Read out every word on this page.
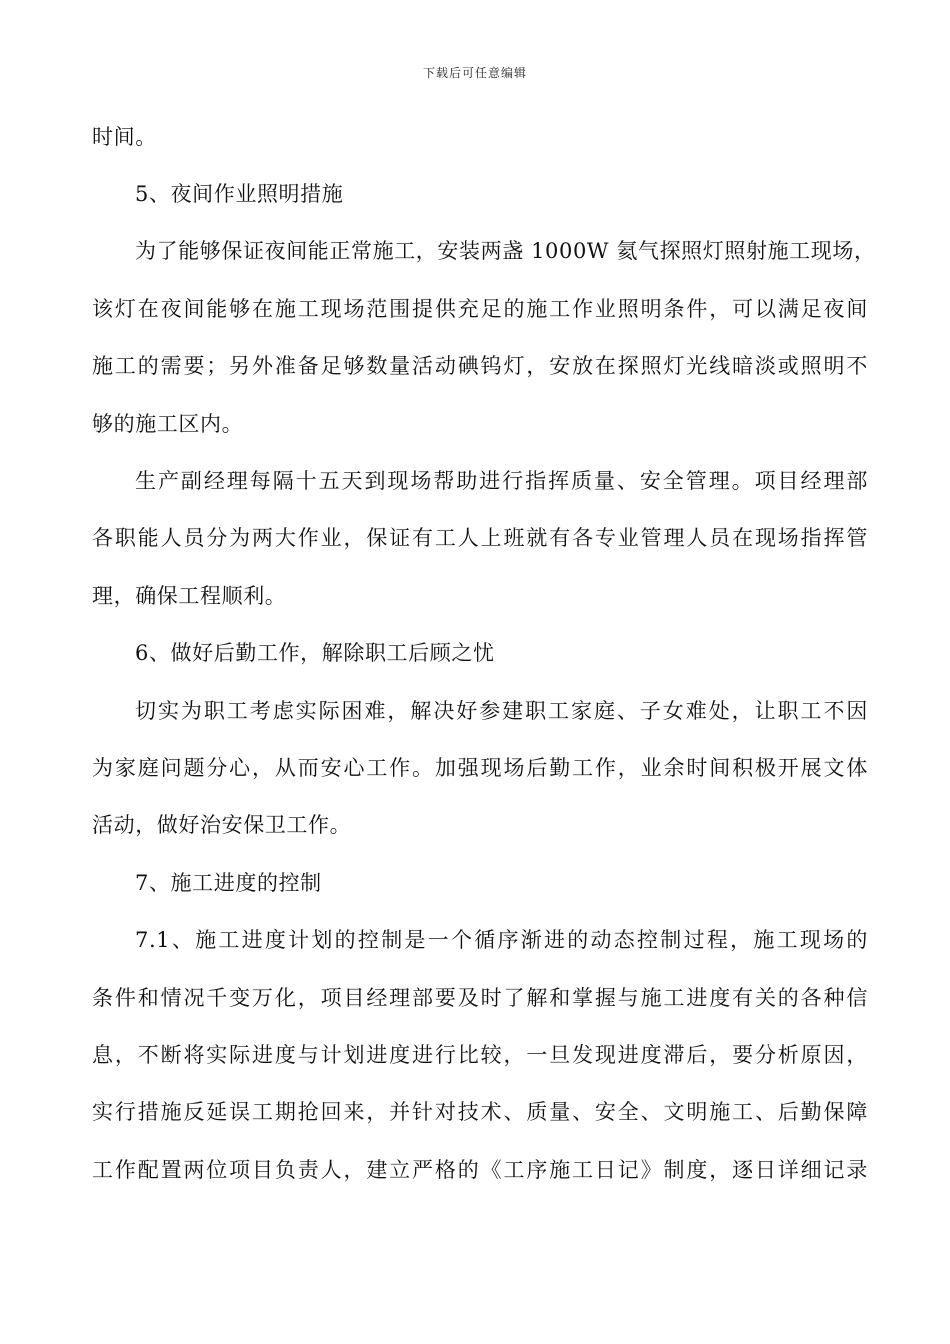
下载后可任意编辑
时间。
5、夜间作业照明措施
为了能够保证夜间能正常施工，安装两盏 1000W 氦气探照灯照射施工现场，
该灯在夜间能够在施工现场范围提供充足的施工作业照明条件，可以满足夜间
施工的需要；另外准备足够数量活动碘钨灯，安放在探照灯光线暗淡或照明不
够的施工区内。
生产副经理每隔十五天到现场帮助进行指挥质量、安全管理。项目经理部
各职能人员分为两大作业，保证有工人上班就有各专业管理人员在现场指挥管
理，确保工程顺利。
6、做好后勤工作，解除职工后顾之忧
切实为职工考虑实际困难，解决好参建职工家庭、子女难处，让职工不因
为家庭问题分心，从而安心工作。加强现场后勤工作，业余时间积极开展文体
活动，做好治安保卫工作。
7、施工进度的控制
7.1、施工进度计划的控制是一个循序渐进的动态控制过程，施工现场的
条件和情况千变万化，项目经理部要及时了解和掌握与施工进度有关的各种信
息，不断将实际进度与计划进度进行比较，一旦发现进度滞后，要分析原因，
实行措施反延误工期抢回来，并针对技术、质量、安全、文明施工、后勤保障
工作配置两位项目负责人，建立严格的《工序施工日记》制度，逐日详细记录
